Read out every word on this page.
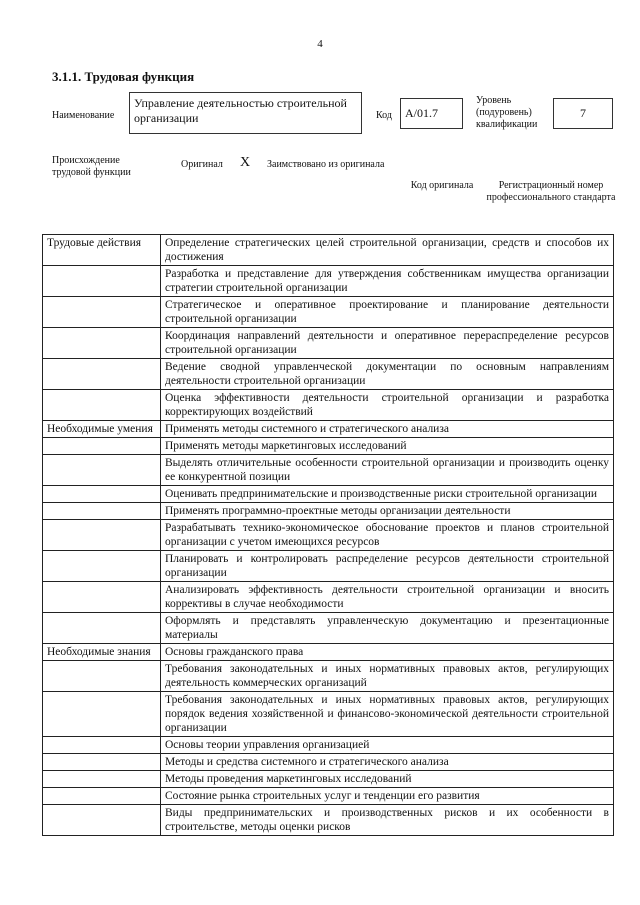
4
3.1.1. Трудовая функция
Наименование
Управление деятельностью строительной организации	Код	А/01.7
Уровень (подуровень) квалификации
7
Происхождение трудовой функции
Оригинал X Заимствовано из оригинала
Код оригинала	Регистрационный номер профессионального стандарта
Трудовые действия	Определение стратегических целей строительной организации, средств и способов их достижения
	Разработка и представление для утверждения собственникам имущества организации стратегии строительной организации
	Стратегическое и оперативное проектирование и планирование деятельности строительной организации
	Координация направлений деятельности и оперативное перераспределение ресурсов строительной организации
	Ведение сводной управленческой документации по основным направлениям деятельности строительной организации
	Оценка эффективности деятельности строительной организации и разработка корректирующих воздействий
Необходимые умения	Применять методы системного и стратегического анализа
	Применять методы маркетинговых исследований
	Выделять отличительные особенности строительной организации и производить оценку ее конкурентной позиции
	Оценивать предпринимательские и производственные риски строительной организации
	Применять программно-проектные методы организации деятельности
	Разрабатывать технико-экономическое обоснование проектов и планов строительной организации с учетом имеющихся ресурсов
	Планировать и контролировать распределение ресурсов деятельности строительной организации
	Анализировать эффективность деятельности строительной организации и вносить коррективы в случае необходимости
	Оформлять и представлять управленческую документацию и презентационные материалы
Необходимые знания	Основы гражданского права
	Требования законодательных и иных нормативных правовых актов, регулирующих деятельность коммерческих организаций
	Требования законодательных и иных нормативных правовых актов, регулирующих порядок ведения хозяйственной и финансово-экономической деятельности строительной организации
	Основы теории управления организацией
	Методы и средства системного и стратегического анализа
	Методы проведения маркетинговых исследований
	Состояние рынка строительных услуг и тенденции его развития
	Виды предпринимательских и производственных рисков и их особенности в строительстве, методы оценки рисков
